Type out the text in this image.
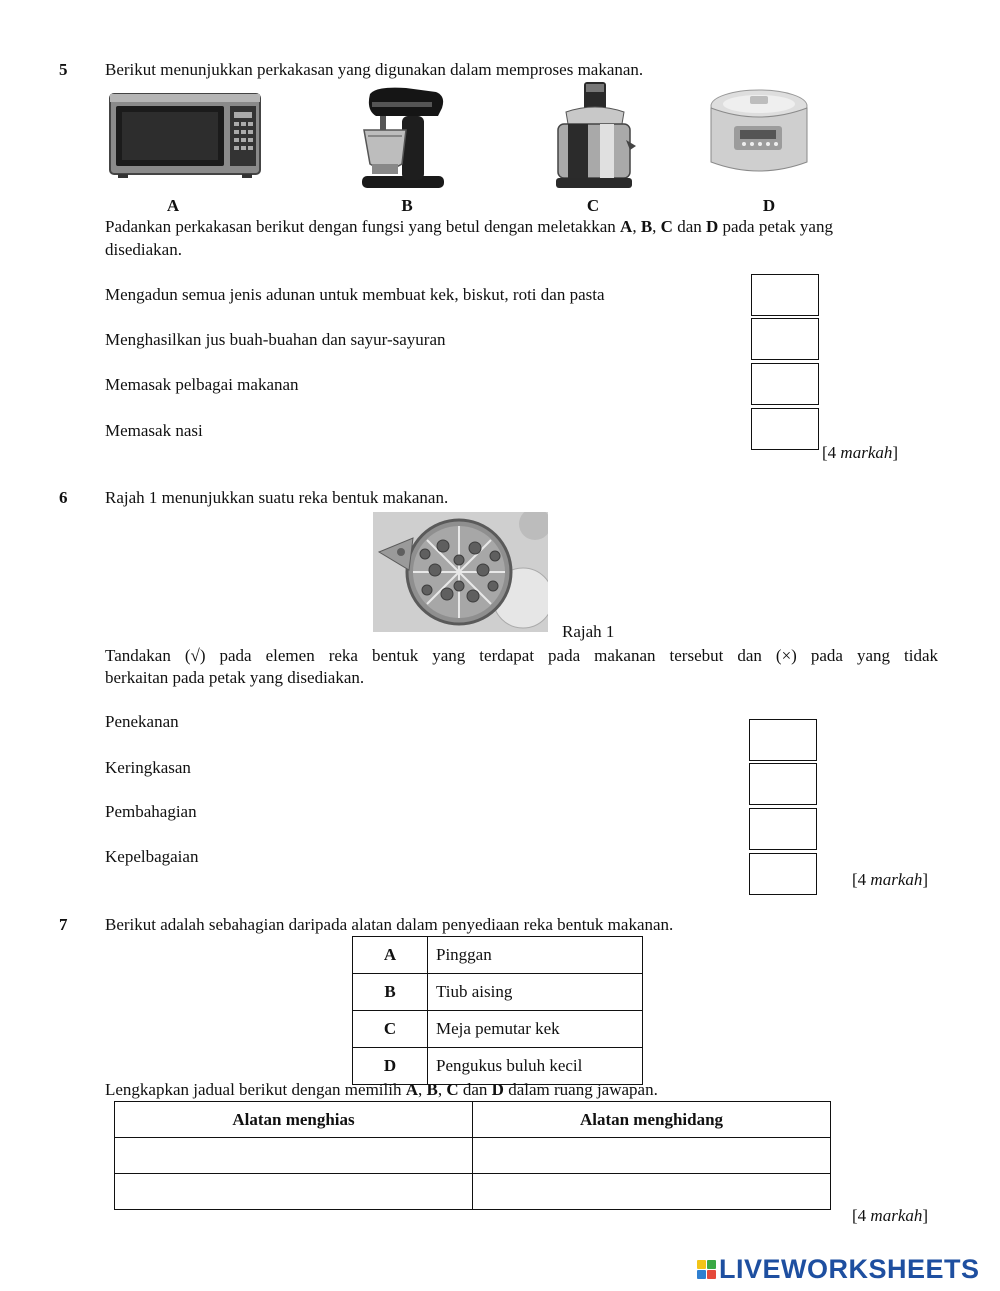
5 Berikut menunjukkan perkakasan yang digunakan dalam memproses makanan.
A	B	C	D
Padankan perkakasan berikut dengan fungsi yang betul dengan meletakkan A, B, C dan D pada petak yang
disediakan.
Mengadun semua jenis adunan untuk membuat kek, biskut, roti dan pasta
Menghasilkan jus buah-buahan dan sayur-sayuran
Memasak pelbagai makanan
Memasak nasi
[4 markah]
6 Rajah 1 menunjukkan suatu reka bentuk makanan.
Rajah 1
Tandakan (√) pada elemen reka bentuk yang terdapat pada makanan tersebut dan (×) pada yang tidak
berkaitan pada petak yang disediakan.
Penekanan
Keringkasan
Pembahagian
Kepelbagaian
[4 markah]
7 Berikut adalah sebahagian daripada alatan dalam penyediaan reka bentuk makanan.
A	Pinggan
B	Tiub aising
C	Meja pemutar kek
D	Pengukus buluh kecil
Lengkapkan jadual berikut dengan memilih A, B, C dan D dalam ruang jawapan.
Alatan menghias	Alatan menghidang

[4 markah]
LIVEWORKSHEETS
